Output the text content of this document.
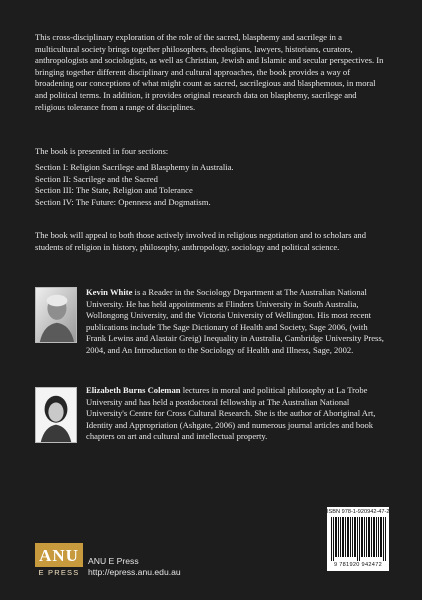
This cross-disciplinary exploration of the role of the sacred, blasphemy and sacrilege in a multicultural society brings together philosophers, theologians, lawyers, historians, curators, anthropologists and sociologists, as well as Christian, Jewish and Islamic and secular perspectives. In bringing together different disciplinary and cultural approaches, the book provides a way of broadening our conceptions of what might count as sacred, sacrilegious and blasphemous, in moral and political terms. In addition, it provides original research data on blasphemy, sacrilege and religious tolerance from a range of disciplines.

The book is presented in four sections:

Section I: Religion Sacrilege and Blasphemy in Australia.
Section II: Sacrilege and the Sacred
Section III: The State, Religion and Tolerance
Section IV: The Future: Openness and Dogmatism.

The book will appeal to both those actively involved in religious negotiation and to scholars and students of religion in history, philosophy, anthropology, sociology and political science.

Kevin White is a Reader in the Sociology Department at The Australian National University. He has held appointments at Flinders University in South Australia, Wollongong University, and the Victoria University of Wellington. His most recent publications include The Sage Dictionary of Health and Society, Sage 2006, (with Frank Lewins and Alastair Greig) Inequality in Australia, Cambridge University Press, 2004, and An Introduction to the Sociology of Health and Illness, Sage, 2002.

Elizabeth Burns Coleman lectures in moral and political philosophy at La Trobe University and has held a postdoctoral fellowship at The Australian National University's Centre for Cross Cultural Research. She is the author of Aboriginal Art, Identity and Appropriation (Ashgate, 2006) and numerous journal articles and book chapters on art and cultural and intellectual property.

ISBN 978-1-920942-47-2
9 781920 942472
ANU
E PRESS
ANU E Press
http://epress.anu.edu.au
